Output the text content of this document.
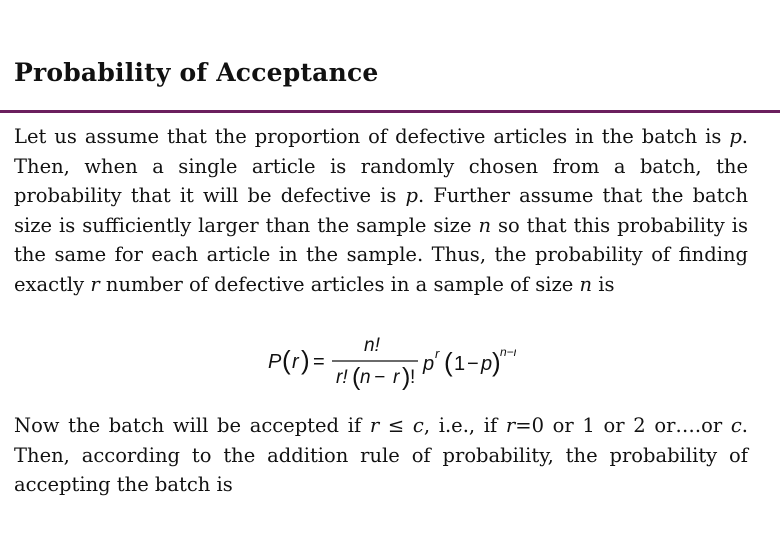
Probability of Acceptance

Let us assume that the proportion of defective articles in the batch is p. Then, when a single article is randomly chosen from a batch, the probability that it will be defective is p. Further assume that the batch size is sufficiently larger than the sample size n so that this probability is the same for each article in the sample. Thus, the probability of finding exactly r number of defective articles in a sample of size n is

P ( r ) =
n!
r! ( n
− r ) !
p r ( 1 − p ) n−r

Now the batch will be accepted if r ≤ c, i.e., if r=0 or 1 or 2 or….or c. Then, according to the addition rule of probability, the probability of accepting the batch is
